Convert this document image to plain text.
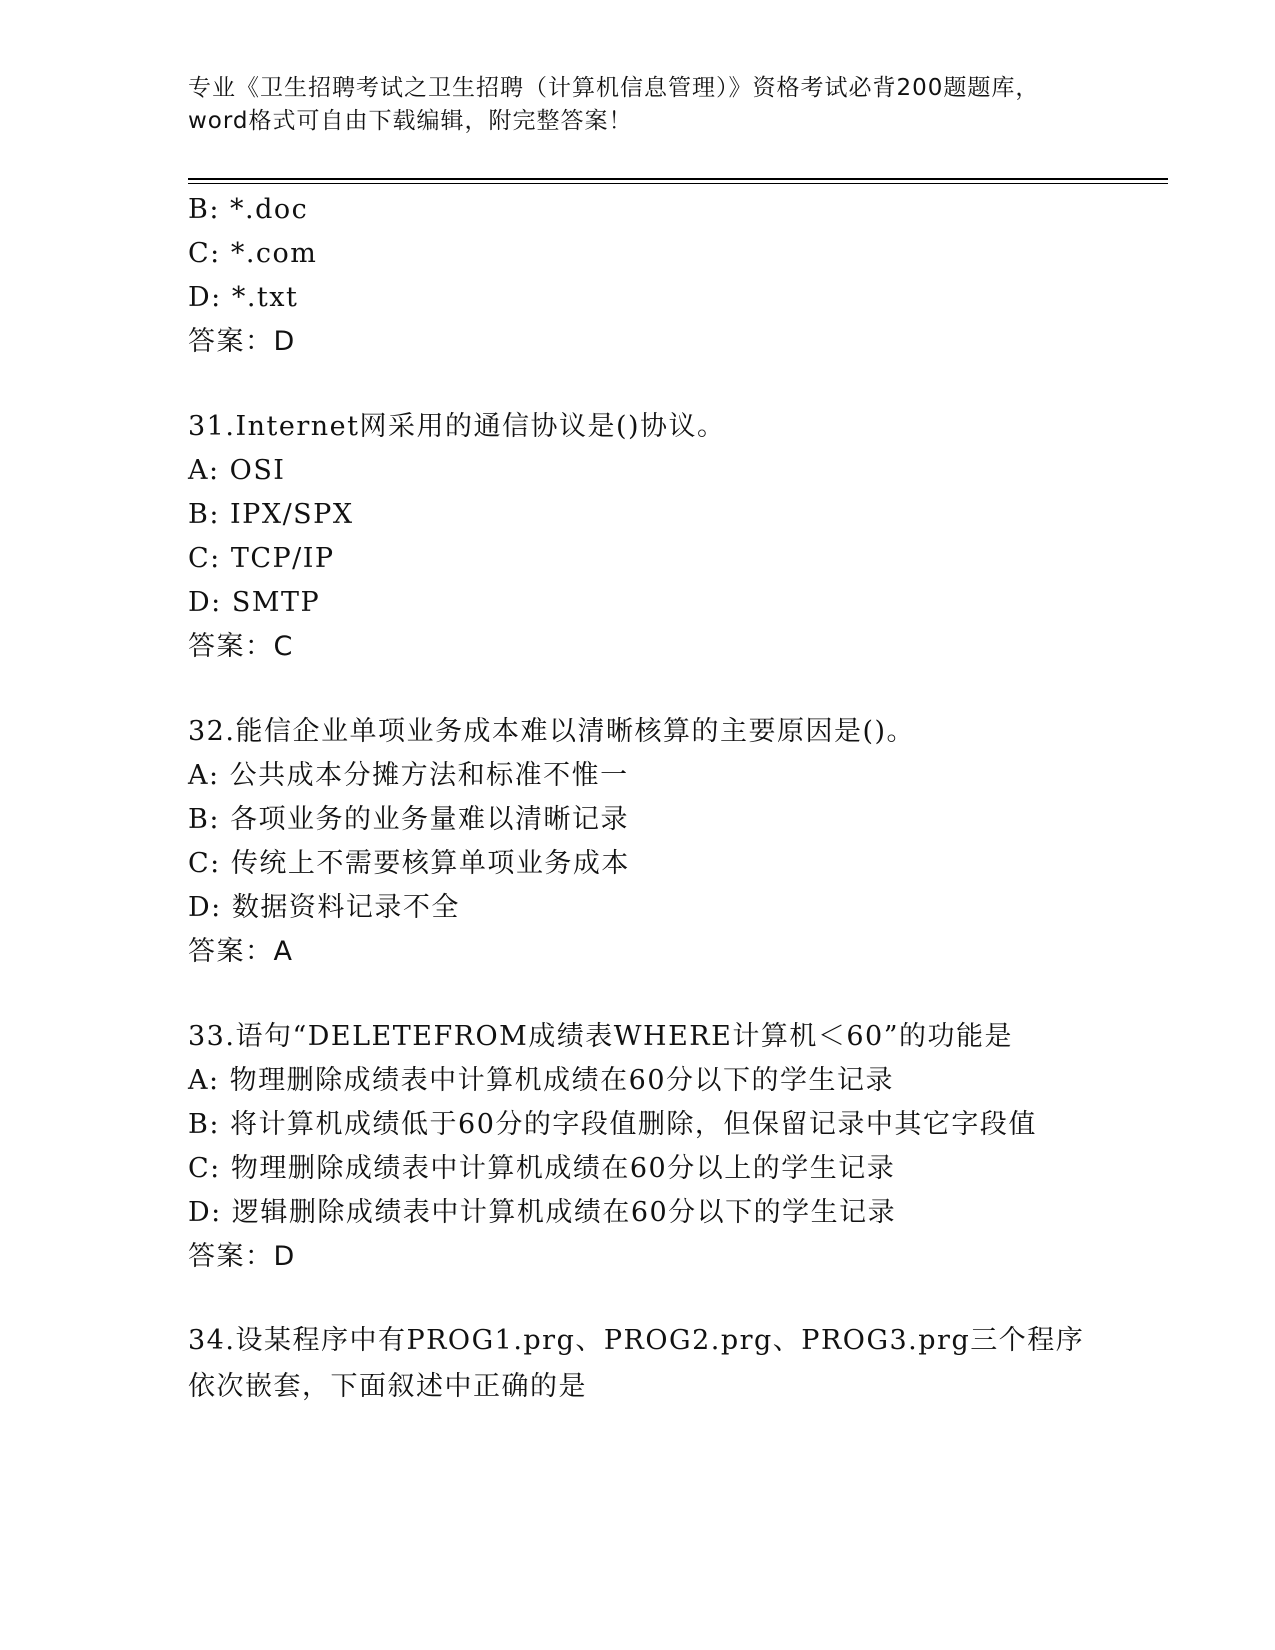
专业《卫生招聘考试之卫生招聘（计算机信息管理）》资格考试必背200题题库，
word格式可自由下载编辑，附完整答案！
B: *.doc
C: *.com
D: *.txt
答案：D
31.Internet网采用的通信协议是()协议。
A: OSI
B: IPX/SPX
C: TCP/IP
D: SMTP
答案：C
32.能信企业单项业务成本难以清晰核算的主要原因是()。
A: 公共成本分摊方法和标准不惟一
B: 各项业务的业务量难以清晰记录
C: 传统上不需要核算单项业务成本
D: 数据资料记录不全
答案：A
33.语句“DELETEFROM成绩表WHERE计算机＜60”的功能是
A: 物理删除成绩表中计算机成绩在60分以下的学生记录
B: 将计算机成绩低于60分的字段值删除，但保留记录中其它字段值
C: 物理删除成绩表中计算机成绩在60分以上的学生记录
D: 逻辑删除成绩表中计算机成绩在60分以下的学生记录
答案：D
34.设某程序中有PROG1.prg、PROG2.prg、PROG3.prg三个程序依次嵌套，下面叙述中正确的是
